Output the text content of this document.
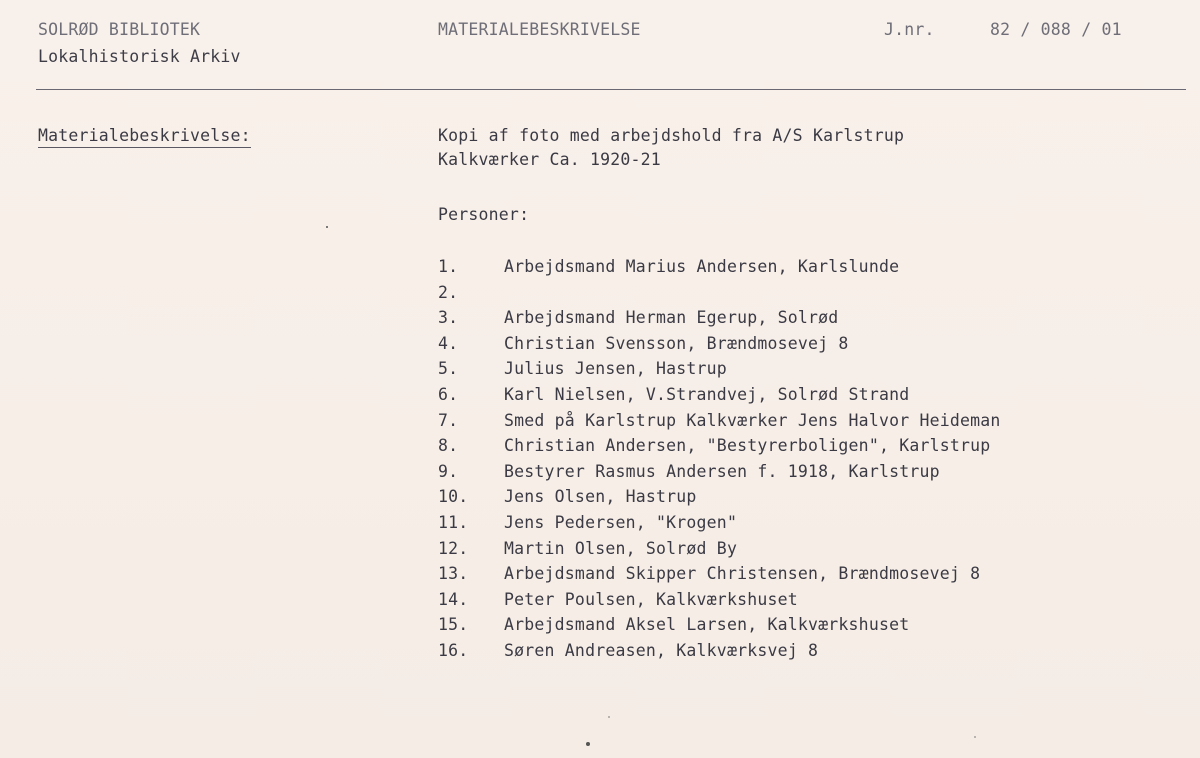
SOLRØD BIBLIOTEK
Lokalhistorisk Arkiv
MATERIALEBESKRIVELSE	J.nr.	82 / 088 / 01
Materialebeskrivelse:	Kopi af foto med arbejdshold fra A/S Karlstrup
Kalkværker Ca. 1920-21
Personer:
1.	Arbejdsmand Marius Andersen, Karlslunde
2.
3.	Arbejdsmand Herman Egerup, Solrød
4.	Christian Svensson, Brændmosevej 8
5.	Julius Jensen, Hastrup
6.	Karl Nielsen, V.Strandvej, Solrød Strand
7.	Smed på Karlstrup Kalkværker Jens Halvor Heideman
8.	Christian Andersen, "Bestyrerboligen", Karlstrup
9.	Bestyrer Rasmus Andersen f. 1918, Karlstrup
10. Jens Olsen, Hastrup
11. Jens Pedersen, "Krogen"
12. Martin Olsen, Solrød By
13. Arbejdsmand Skipper Christensen, Brændmosevej 8
14. Peter Poulsen, Kalkværkshuset
15. Arbejdsmand Aksel Larsen, Kalkværkshuset
16. Søren Andreasen, Kalkværksvej 8
